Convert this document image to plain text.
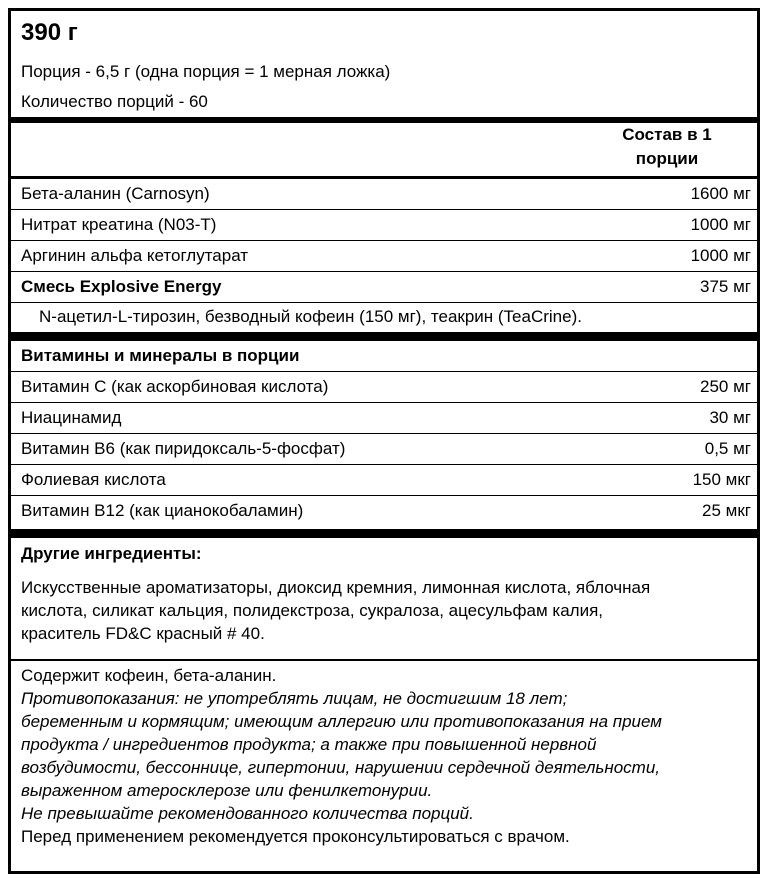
390 г
Порция - 6,5 г (одна порция = 1 мерная ложка)
Количество порций - 60
Состав в 1
порции
Бета-аланин (Carnosyn)	1600 мг
Нитрат креатина (N03-T)	1000 мг
Аргинин альфа кетоглутарат	1000 мг
Смесь Explosive Energy	375 мг
N-ацетил-L-тирозин, безводный кофеин (150 мг), теакрин (TeaCrine).
Витамины и минералы в порции
Витамин С (как аскорбиновая кислота)	250 мг
Ниацинамид	30 мг
Витамин В6 (как пиридоксаль-5-фосфат)	0,5 мг
Фолиевая кислота	150 мкг
Витамин В12 (как цианокобаламин)	25 мкг
Другие ингредиенты:
Искусственные ароматизаторы, диоксид кремния, лимонная кислота, яблочная
кислота, силикат кальция, полидекстроза, сукралоза, ацесульфам калия,
краситель FD&C красный # 40.
Содержит кофеин, бета-аланин.
Противопоказания: не употреблять лицам, не достигшим 18 лет;
беременным и кормящим; имеющим аллергию или противопоказания на прием
продукта / ингредиентов продукта; а также при повышенной нервной
возбудимости, бессоннице, гипертонии, нарушении сердечной деятельности,
выраженном атеросклерозе или фенилкетонурии.
Не превышайте рекомендованного количества порций.
Перед применением рекомендуется проконсультироваться с врачом.
